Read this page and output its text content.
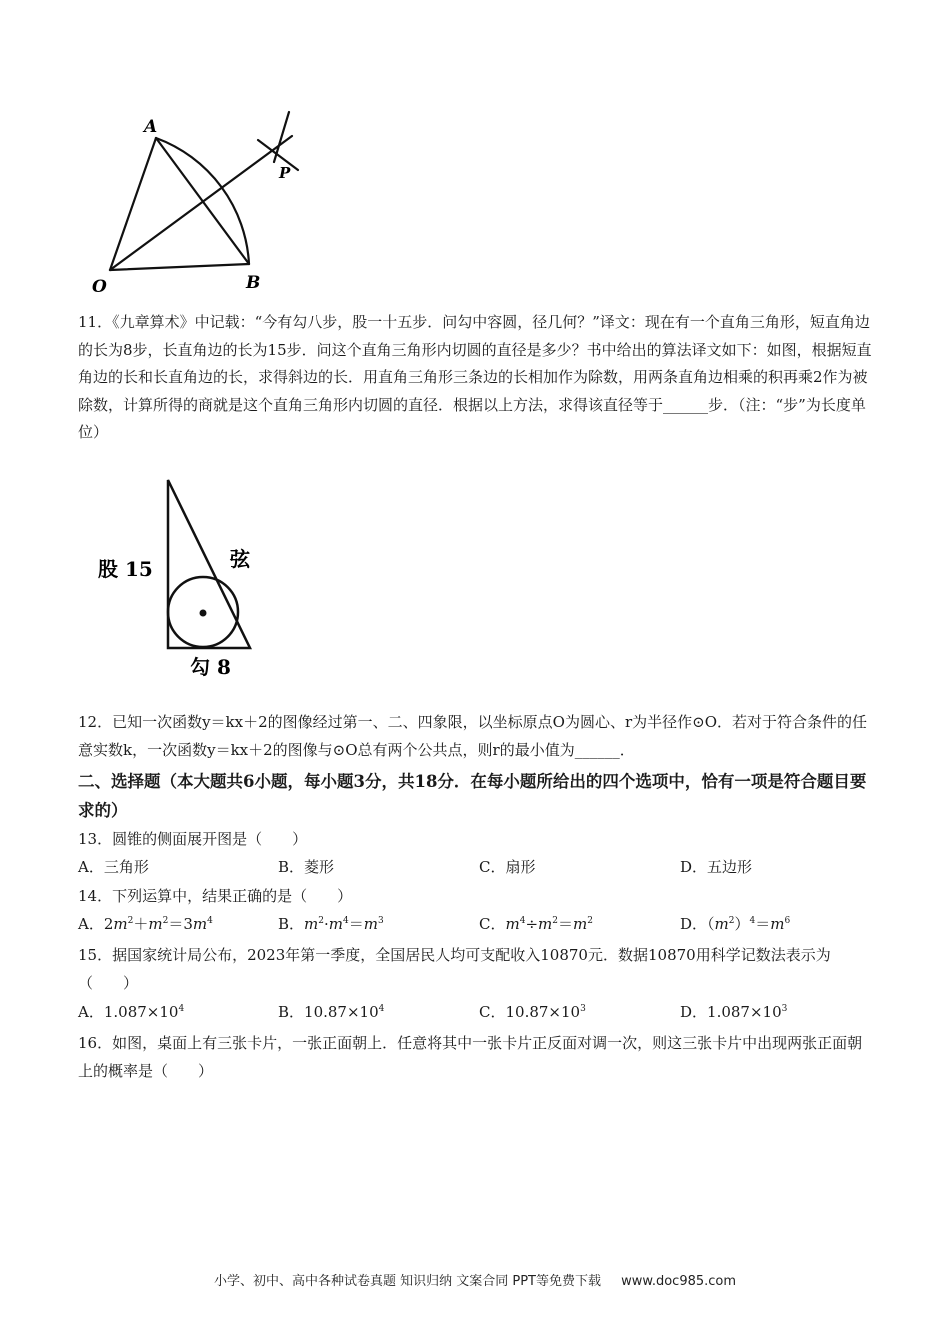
A
O	B
P
11．《九章算术》中记载：“今有勾八步，股一十五步．问勾中容圆，径几何？”译文：现在有一个直角三角形，短直角边的长为8步，长直角边的长为15步．问这个直角三角形内切圆的直径是多少？书中给出的算法译文如下：如图，根据短直角边的长和长直角边的长，求得斜边的长．用直角三角形三条边的长相加作为除数，用两条直角边相乘的积再乘2作为被除数，计算所得的商就是这个直角三角形内切圆的直径．根据以上方法，求得该直径等于______步．（注：“步”为长度单位）
股 15	弦
勾 8
12．已知一次函数y＝kx＋2的图像经过第一、二、四象限，以坐标原点O为圆心、r为半径作⊙O．若对于符合条件的任意实数k，一次函数y＝kx＋2的图像与⊙O总有两个公共点，则r的最小值为______．
二、选择题（本大题共6小题，每小题3分，共18分．在每小题所给出的四个选项中，恰有一项是符合题目要求的）
13．圆锥的侧面展开图是（　　）
A．三角形	B．菱形	C．扇形	D．五边形
14．下列运算中，结果正确的是（　　）
A．$2m^2+m^2=3m^4$	B．$m^2\cdot m^4=m^3$	C．$m^4\div m^2=m^2$	D．$(m^2)^4=m^6$
15．据国家统计局公布，2023年第一季度，全国居民人均可支配收入10870元．数据10870用科学记数法表示为（　　）
A．$1.087\times 10^4$	B．$10.87\times 10^4$	C．$10.87\times 10^3$	D．$1.087\times 10^3$
16．如图，桌面上有三张卡片，一张正面朝上．任意将其中一张卡片正反面对调一次，则这三张卡片中出现两张正面朝上的概率是（　　）
小学、初中、高中各种试卷真题 知识归纳 文案合同 PPT等免费下载 www.doc985.com
